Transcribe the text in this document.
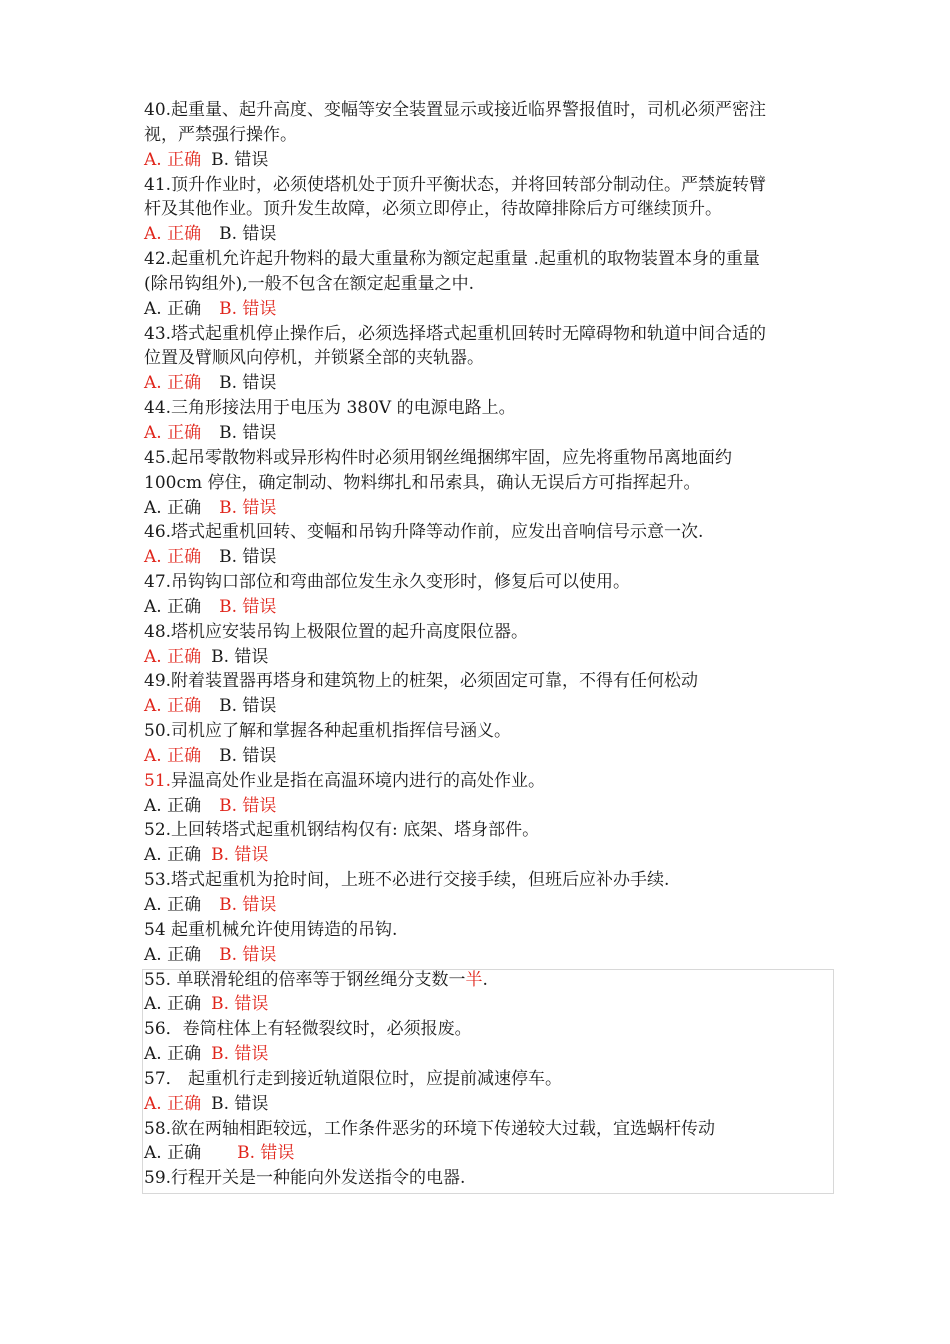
40.起重量、起升高度、变幅等安全装置显示或接近临界警报值时，司机必须严密注
视，严禁强行操作。
A. 正确 B. 错误
41.顶升作业时，必须使塔机处于顶升平衡状态，并将回转部分制动住。严禁旋转臂
杆及其他作业。顶升发生故障，必须立即停止，待故障排除后方可继续顶升。
A. 正确 B. 错误
42.起重机允许起升物料的最大重量称为额定起重量 .起重机的取物装置本身的重量
(除吊钩组外),一般不包含在额定起重量之中.
A. 正确 B. 错误
43.塔式起重机停止操作后，必须选择塔式起重机回转时无障碍物和轨道中间合适的
位置及臂顺风向停机，并锁紧全部的夹轨器。
A. 正确 B. 错误
44.三角形接法用于电压为 380V 的电源电路上。
A. 正确 B. 错误
45.起吊零散物料或异形构件时必须用钢丝绳捆绑牢固，应先将重物吊离地面约
100cm 停住，确定制动、物料绑扎和吊索具，确认无误后方可指挥起升。
A. 正确 B. 错误
46.塔式起重机回转、变幅和吊钩升降等动作前，应发出音响信号示意一次.
A. 正确 B. 错误
47.吊钩钩口部位和弯曲部位发生永久变形时，修复后可以使用。
A. 正确 B. 错误
48.塔机应安装吊钩上极限位置的起升高度限位器。
A. 正确 B. 错误
49.附着装置器再塔身和建筑物上的桩架，必须固定可靠，不得有任何松动
A. 正确 B. 错误
50.司机应了解和掌握各种起重机指挥信号涵义。
A. 正确 B. 错误
51.异温高处作业是指在高温环境内进行的高处作业。
A. 正确 B. 错误
52.上回转塔式起重机钢结构仅有: 底架、塔身部件。
A. 正确 B. 错误
53.塔式起重机为抢时间，上班不必进行交接手续，但班后应补办手续.
A. 正确 B. 错误
54 起重机械允许使用铸造的吊钩.
A. 正确 B. 错误
55. 单联滑轮组的倍率等于钢丝绳分支数一半.
A. 正确 B. 错误
56．卷筒柱体上有轻微裂纹时，必须报废。
A. 正确 B. 错误
57． 起重机行走到接近轨道限位时，应提前减速停车。
A. 正确 B. 错误
58.欲在两轴相距较远，工作条件恶劣的环境下传递较大过载，宜选蜗杆传动
A. 正确 B. 错误
59.行程开关是一种能向外发送指令的电器.
